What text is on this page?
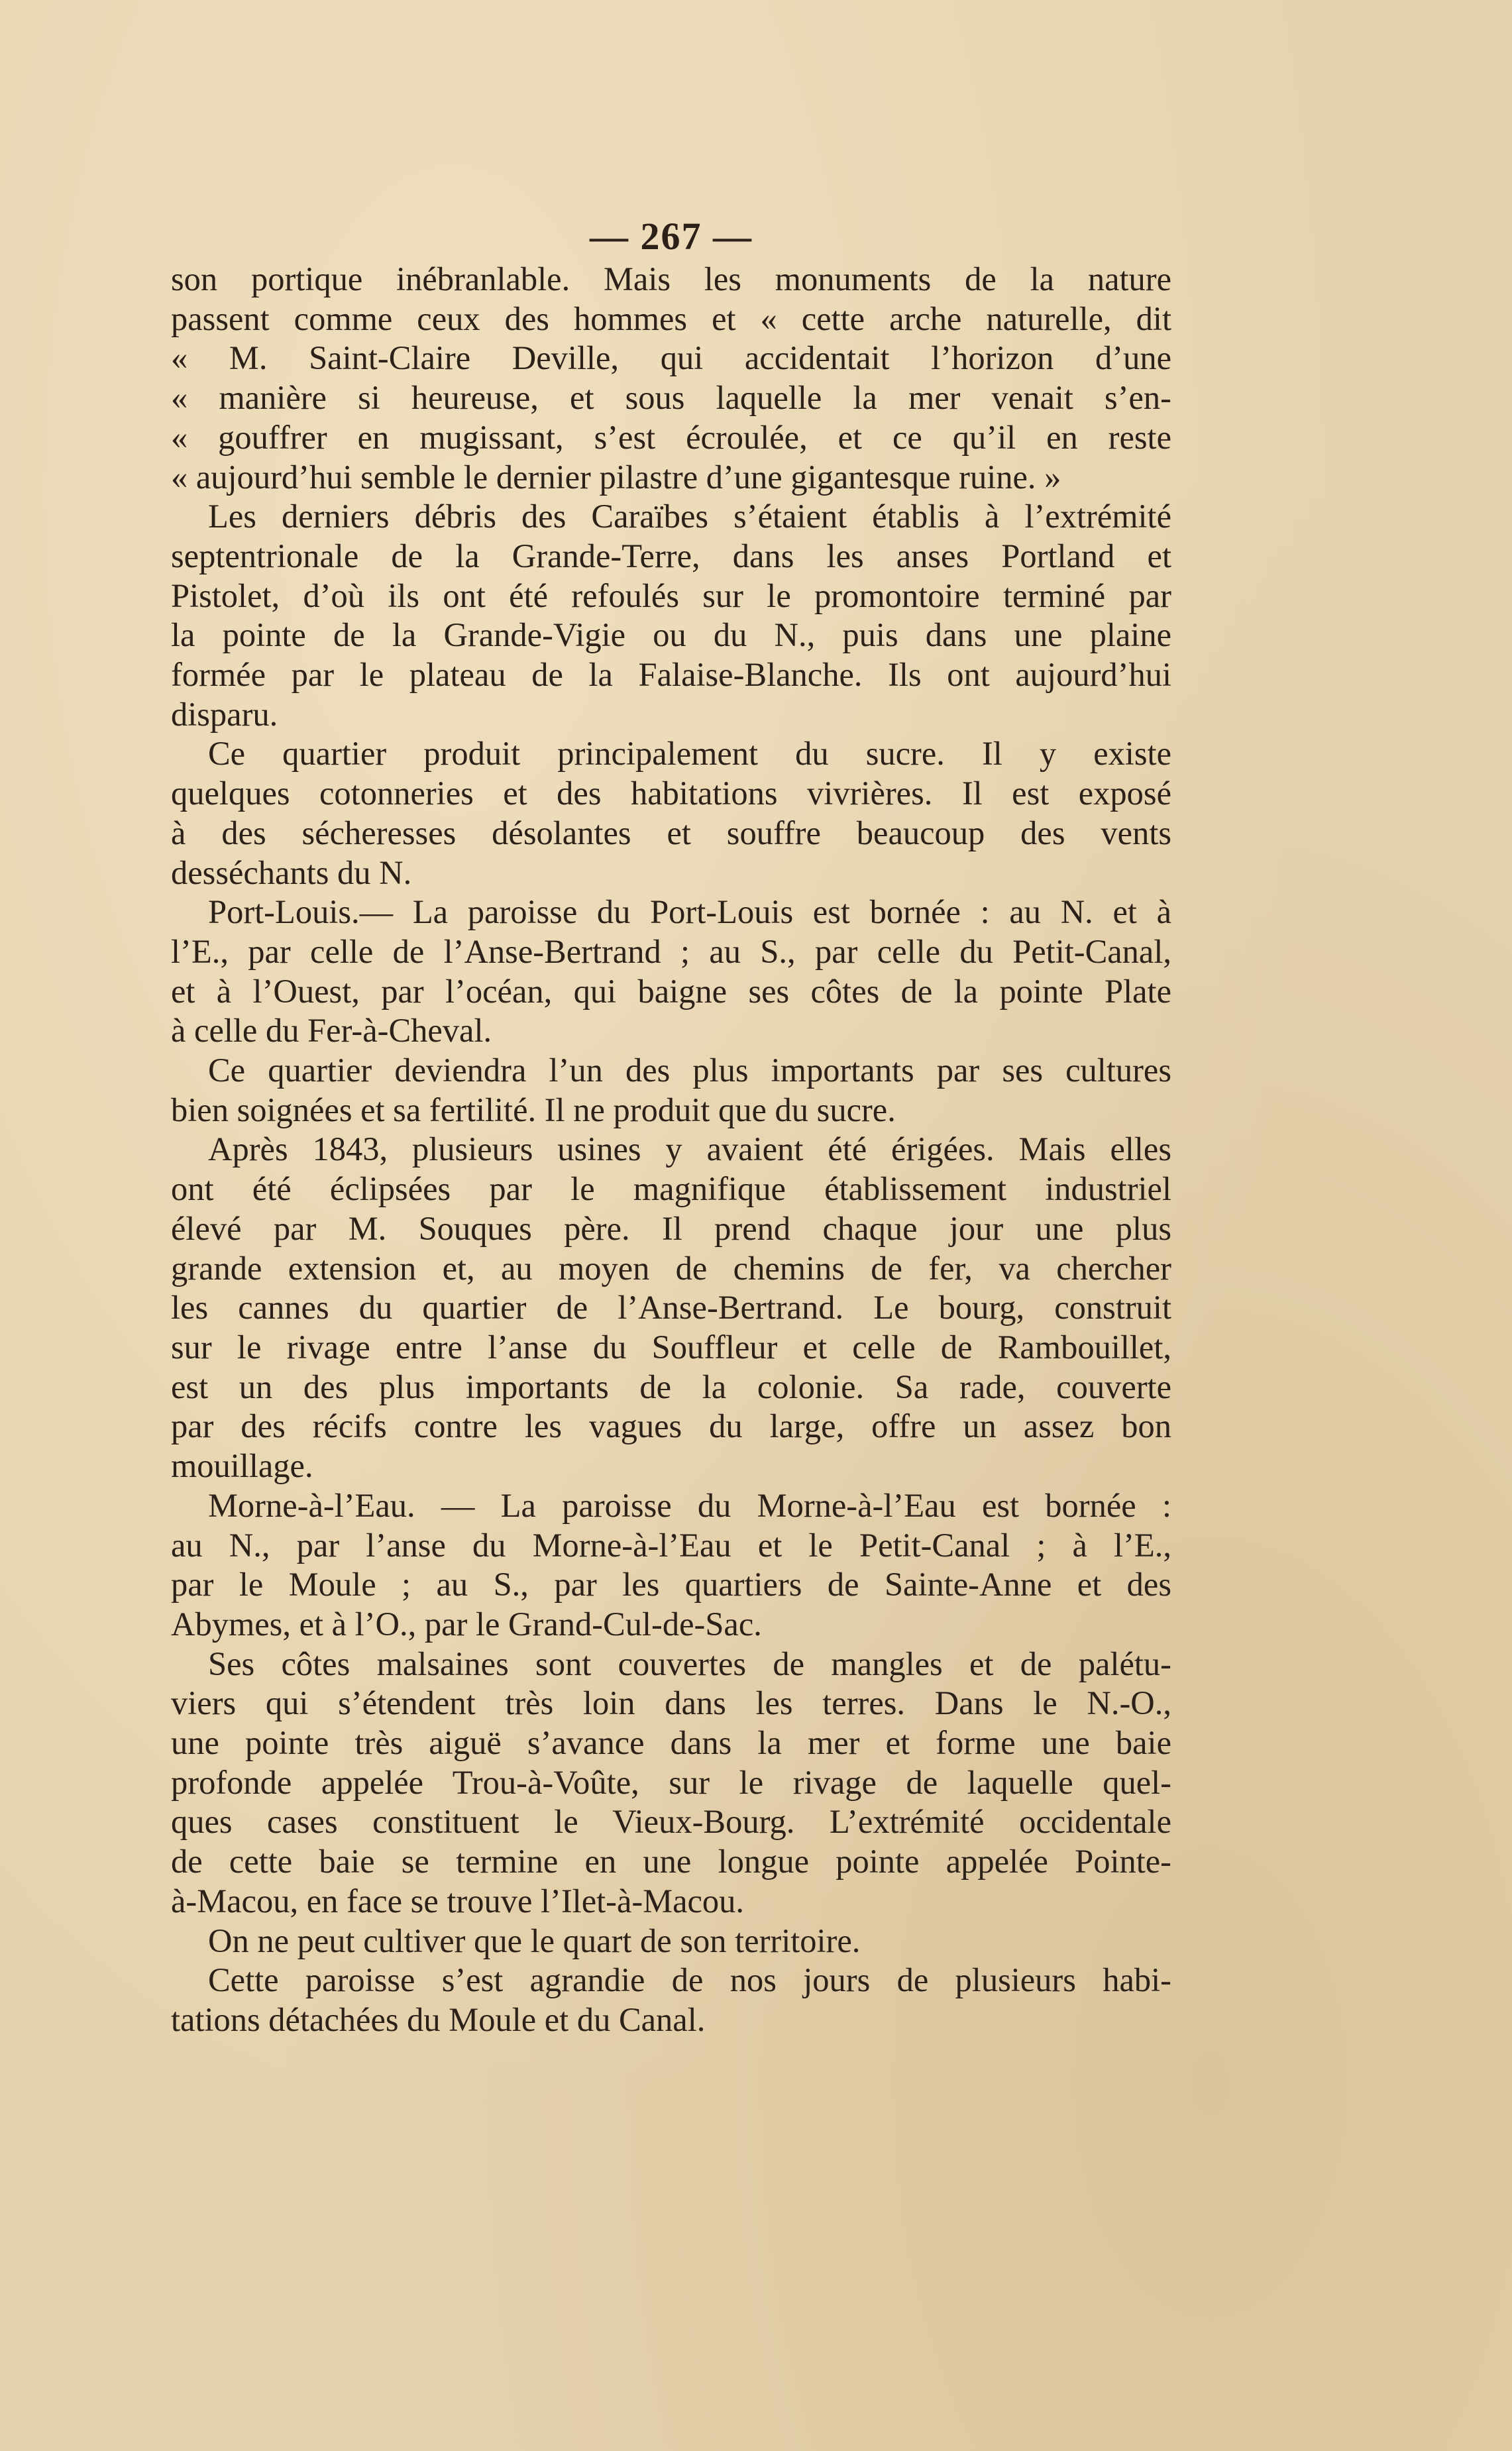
— 267 —
son portique inébranlable. Mais les monuments de la nature
passent comme ceux des hommes et « cette arche naturelle, dit
« M. Saint-Claire Deville, qui accidentait l’horizon d’une
« manière si heureuse, et sous laquelle la mer venait s’en-
« gouffrer en mugissant, s’est écroulée, et ce qu’il en reste
« aujourd’hui semble le dernier pilastre d’une gigantesque ruine. »
Les derniers débris des Caraïbes s’étaient établis à l’extrémité
septentrionale de la Grande-Terre, dans les anses Portland et
Pistolet, d’où ils ont été refoulés sur le promontoire terminé par
la pointe de la Grande-Vigie ou du N., puis dans une plaine
formée par le plateau de la Falaise-Blanche. Ils ont aujourd’hui
disparu.
Ce quartier produit principalement du sucre. Il y existe
quelques cotonneries et des habitations vivrières. Il est exposé
à des sécheresses désolantes et souffre beaucoup des vents
desséchants du N.
Port-Louis.— La paroisse du Port-Louis est bornée : au N. et à
l’E., par celle de l’Anse-Bertrand ; au S., par celle du Petit-Canal,
et à l’Ouest, par l’océan, qui baigne ses côtes de la pointe Plate
à celle du Fer-à-Cheval.
Ce quartier deviendra l’un des plus importants par ses cultures
bien soignées et sa fertilité. Il ne produit que du sucre.
Après 1843, plusieurs usines y avaient été érigées. Mais elles
ont été éclipsées par le magnifique établissement industriel
élevé par M. Souques père. Il prend chaque jour une plus
grande extension et, au moyen de chemins de fer, va chercher
les cannes du quartier de l’Anse-Bertrand. Le bourg, construit
sur le rivage entre l’anse du Souffleur et celle de Rambouillet,
est un des plus importants de la colonie. Sa rade, couverte
par des récifs contre les vagues du large, offre un assez bon
mouillage.
Morne-à-l’Eau. — La paroisse du Morne-à-l’Eau est bornée :
au N., par l’anse du Morne-à-l’Eau et le Petit-Canal ; à l’E.,
par le Moule ; au S., par les quartiers de Sainte-Anne et des
Abymes, et à l’O., par le Grand-Cul-de-Sac.
Ses côtes malsaines sont couvertes de mangles et de palétu-
viers qui s’étendent très loin dans les terres. Dans le N.-O.,
une pointe très aiguë s’avance dans la mer et forme une baie
profonde appelée Trou-à-Voûte, sur le rivage de laquelle quel-
ques cases constituent le Vieux-Bourg. L’extrémité occidentale
de cette baie se termine en une longue pointe appelée Pointe-
à-Macou, en face se trouve l’Ilet-à-Macou.
On ne peut cultiver que le quart de son territoire.
Cette paroisse s’est agrandie de nos jours de plusieurs habi-
tations détachées du Moule et du Canal.
